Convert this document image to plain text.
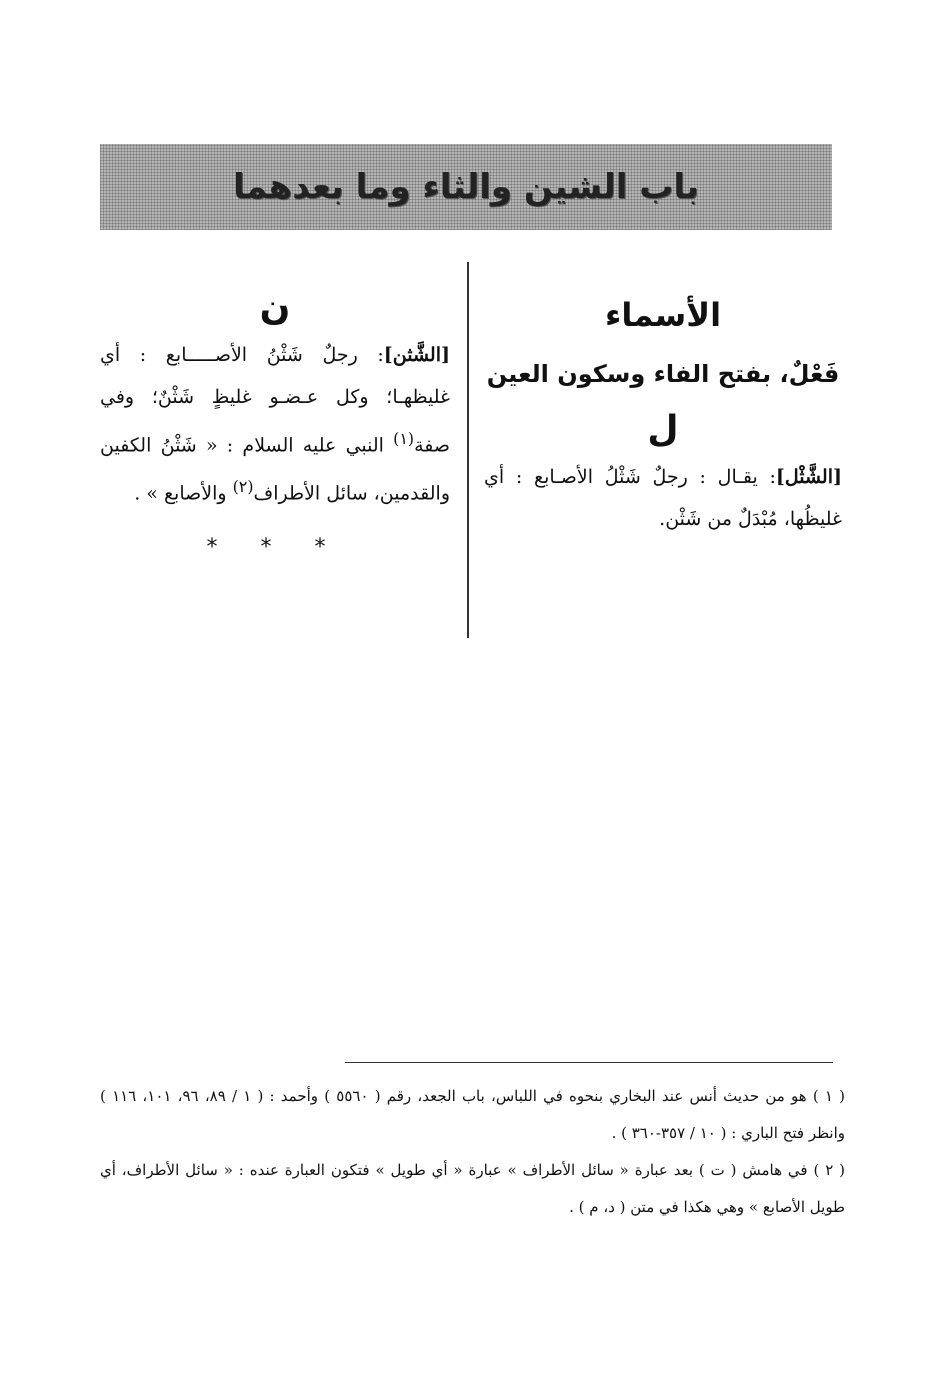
باب الشين والثاء وما بعدهما
الأسماء
فَعْلٌ، بفتح الفاء وسكون العين
ل

[الشَّثْل]: يقـال : رجلٌ شَثْلُ الأصـابع : أي غليظُها، مُبْدَلٌ من شَثْن.

ن

[الشَّثن]: رجلٌ شَثْنُ الأصـــــابع : أي غليظهـا؛ وكل عـضـو غليظٍ شَثْنٌ؛ وفي صفة$^{(١)}$ النبي عليه السلام : « شَثْنُ الكفين والقدمين، سائل الأطراف$^{(٢)}$ والأصابع » .

* * *

( ١ ) هو من حديث أنس عند البخاري بنحوه في اللباس، باب الجعد، رقم ( ٥٥٦٠ ) وأحمد : ( ١ / ٨٩، ٩٦، ١٠١، ١١٦ ) وانظر فتح الباري : ( ١٠ / ٣٥٧-٣٦٠ ) .

( ٢ ) في هامش ( ت ) بعد عبارة « سائل الأطراف » عبارة « أي طويل » فتكون العبارة عنده : « سائل الأطراف، أي طويل الأصابع » وهي هكذا في متن ( د، م ) .
